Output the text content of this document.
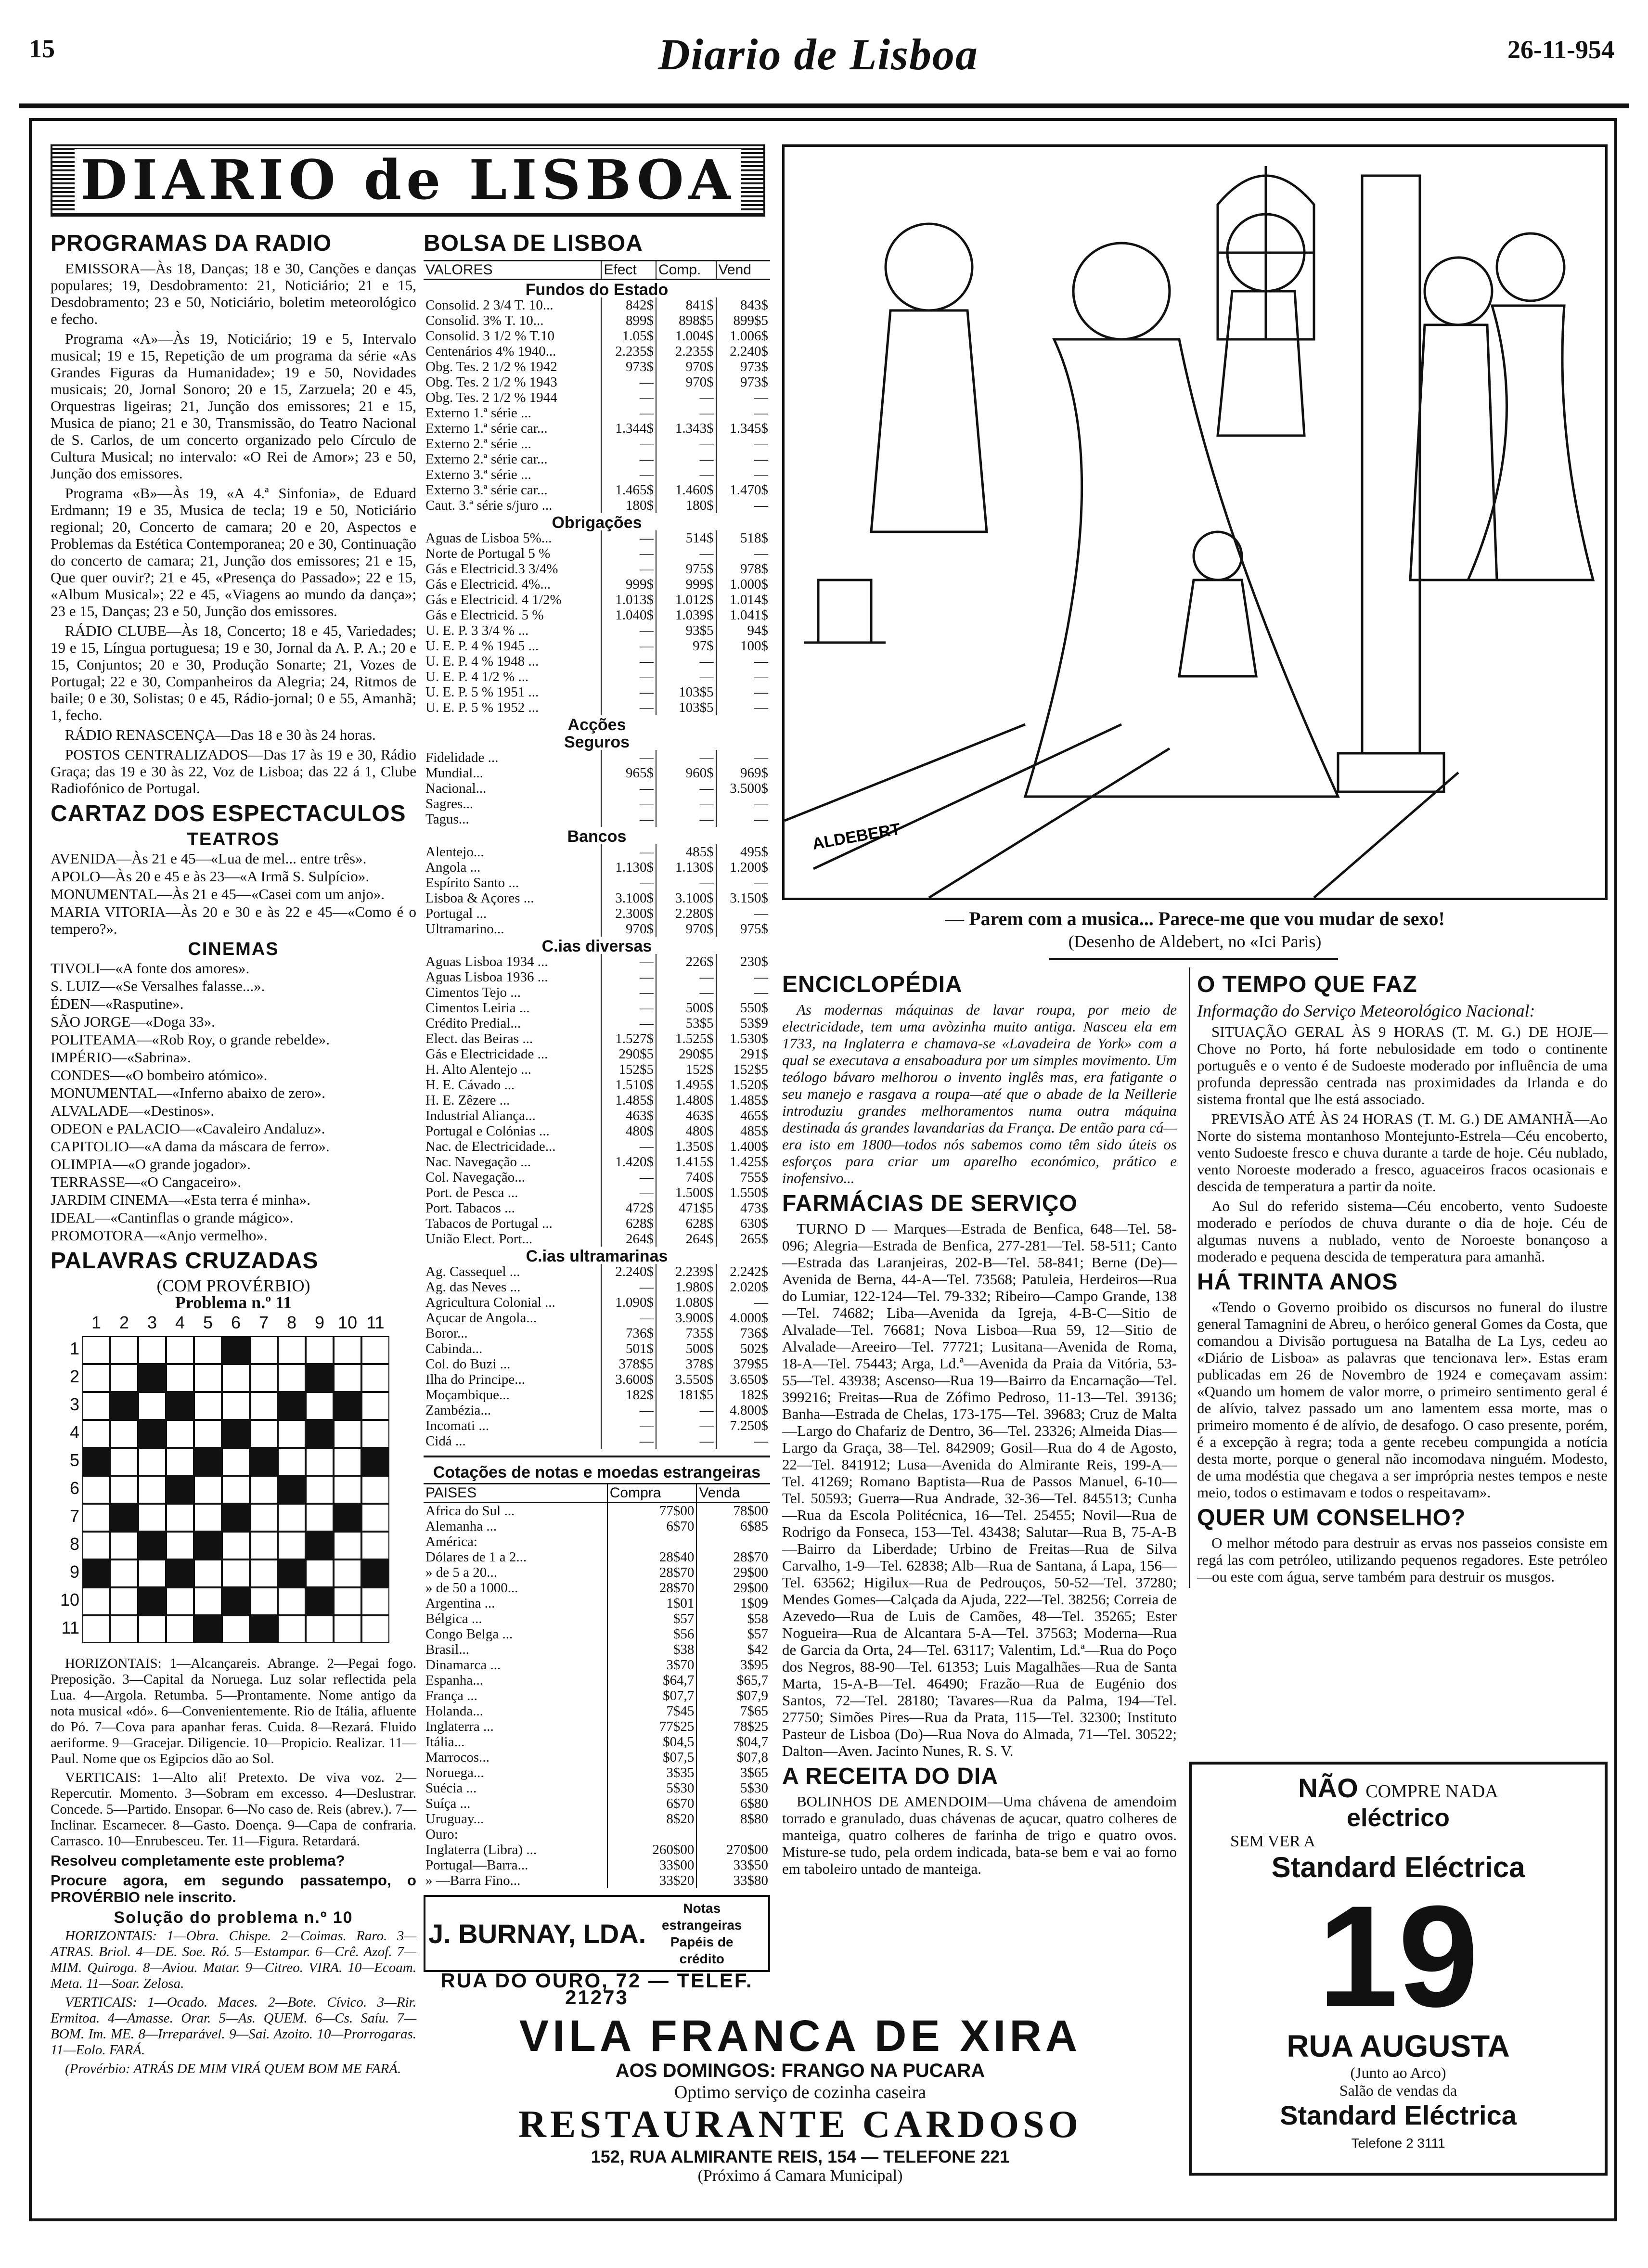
15	Diario de Lisboa	26-11-954
DIARIO de LISBOA
PROGRAMAS DA RADIO

EMISSORA—Às 18, Danças; 18 e 30, Canções e danças populares; 19, Desdobramento: 21, Noticiário; 21 e 15, Desdobramento; 23 e 50, Noticiário, boletim meteorológico e fecho.

Programa «A»—Às 19, Noticiário; 19 e 5, Intervalo musical; 19 e 15, Repetição de um programa da série «As Grandes Figuras da Humanidade»; 19 e 50, Novidades musicais; 20, Jornal Sonoro; 20 e 15, Zarzuela; 20 e 45, Orquestras ligeiras; 21, Junção dos emissores; 21 e 15, Musica de piano; 21 e 30, Transmissão, do Teatro Nacional de S. Carlos, de um concerto organizado pelo Círculo de Cultura Musical; no intervalo: «O Rei de Amor»; 23 e 50, Junção dos emissores.

Programa «B»—Às 19, «A 4.ª Sinfonia», de Eduard Erdmann; 19 e 35, Musica de tecla; 19 e 50, Noticiário regional; 20, Concerto de camara; 20 e 20, Aspectos e Problemas da Estética Contemporanea; 20 e 30, Continuação do concerto de camara; 21, Junção dos emissores; 21 e 15, Que quer ouvir?; 21 e 45, «Presença do Passado»; 22 e 15, «Album Musical»; 22 e 45, «Viagens ao mundo da dança»; 23 e 15, Danças; 23 e 50, Junção dos emissores.

RÁDIO CLUBE—Às 18, Concerto; 18 e 45, Variedades; 19 e 15, Língua portuguesa; 19 e 30, Jornal da A. P. A.; 20 e 15, Conjuntos; 20 e 30, Produção Sonarte; 21, Vozes de Portugal; 22 e 30, Companheiros da Alegria; 24, Ritmos de baile; 0 e 30, Solistas; 0 e 45, Rádio-jornal; 0 e 55, Amanhã; 1, fecho.

RÁDIO RENASCENÇA—Das 18 e 30 às 24 horas.

POSTOS CENTRALIZADOS—Das 17 às 19 e 30, Rádio Graça; das 19 e 30 às 22, Voz de Lisboa; das 22 á 1, Clube Radiofónico de Portugal.

CARTAZ DOS ESPECTACULOS
TEATROS
AVENIDA—Às 21 e 45—«Lua de mel... entre três».
APOLO—Às 20 e 45 e às 23—«A Irmã S. Sulpício».
MONUMENTAL—Às 21 e 45—«Casei com um anjo».
MARIA VITORIA—Às 20 e 30 e às 22 e 45—«Como é o tempero?».
CINEMAS
TIVOLI—«A fonte dos amores».
S. LUIZ—«Se Versalhes falasse...».
ÉDEN—«Rasputine».
SÃO JORGE—«Doga 33».
POLITEAMA—«Rob Roy, o grande rebelde».
IMPÉRIO—«Sabrina».
CONDES—«O bombeiro atómico».
MONUMENTAL—«Inferno abaixo de zero».
ALVALADE—«Destinos».
ODEON e PALACIO—«Cavaleiro Andaluz».
CAPITOLIO—«A dama da máscara de ferro».
OLIMPIA—«O grande jogador».
TERRASSE—«O Cangaceiro».
JARDIM CINEMA—«Esta terra é minha».
IDEAL—«Cantinflas o grande mágico».
PROMOTORA—«Anjo vermelho».
PALAVRAS CRUZADAS
(COM PROVÉRBIO)
Problema n.º 11
1	2	3	4	5	6	7	8	9 10 11
1
2
3
4
5
6
7
8
9
10
11

HORIZONTAIS: 1—Alcançareis. Abrange. 2—Pegai fogo. Preposição. 3—Capital da Noruega. Luz solar reflectida pela Lua. 4—Argola. Retumba. 5—Prontamente. Nome antigo da nota musical «dó». 6—Convenientemente. Rio de Itália, afluente do Pó. 7—Cova para apanhar feras. Cuida. 8—Rezará. Fluido aeriforme. 9—Gracejar. Diligencie. 10—Propicio. Realizar. 11—Paul. Nome que os Egipcios dão ao Sol.

VERTICAIS: 1—Alto ali! Pretexto. De viva voz. 2—Repercutir. Momento. 3—Sobram em excesso. 4—Deslustrar. Concede. 5—Partido. Ensopar. 6—No caso de. Reis (abrev.). 7—Inclinar. Escarnecer. 8—Gasto. Doença. 9—Capa de confraria. Carrasco. 10—Enrubesceu. Ter. 11—Figura. Retardará.

Resolveu completamente este problema?

Procure agora, em segundo passatempo, o PROVÉRBIO nele inscrito.

Solução do problema n.º 10

HORIZONTAIS: 1—Obra. Chispe. 2—Coimas. Raro. 3—ATRAS. Briol. 4—DE. Soe. Ró. 5—Estampar. 6—Crê. Azof. 7—MIM. Quiroga. 8—Aviou. Matar. 9—Citreo. VIRA. 10—Ecoam. Meta. 11—Soar. Zelosa.

VERTICAIS: 1—Ocado. Maces. 2—Bote. Cívico. 3—Rir. Ermitoa. 4—Amasse. Orar. 5—As. QUEM. 6—Cs. Saíu. 7—BOM. Im. ME. 8—Irreparável. 9—Sai. Azoito. 10—Prorrogaras. 11—Eolo. FARÁ.

(Provérbio: ATRÁS DE MIM VIRÁ QUEM BOM ME FARÁ.

BOLSA DE LISBOA
VALORES	Efect	Comp.	Vend
Fundos do Estado			
Consolid. 2 3/4 T. 10...	842$	841$	843$
Consolid. 3% T. 10...	899$	898$5	899$5
Consolid. 3 1/2 % T.10	1.05$	1.004$	1.006$
Centenários 4% 1940...	2.235$	2.235$	2.240$
Obg. Tes. 2 1/2 % 1942	973$	970$	973$
Obg. Tes. 2 1/2 % 1943	—	970$	973$
Obg. Tes. 2 1/2 % 1944	—	—	—
Externo 1.ª série ...	—	—	—
Externo 1.ª série car...	1.344$	1.343$	1.345$
Externo 2.ª série ...	—	—	—
Externo 2.ª série car...	—	—	—
Externo 3.ª série ...	—	—	—
Externo 3.ª série car...	1.465$	1.460$	1.470$
Caut. 3.ª série s/juro ...	180$	180$	—
Obrigações			
Aguas de Lisboa 5%...	—	514$	518$
Norte de Portugal 5 %	—	—	—
Gás e Electricid.3 3/4%	—	975$	978$
Gás e Electricid. 4%...	999$	999$	1.000$
Gás e Electricid. 4 1/2%	1.013$	1.012$	1.014$
Gás e Electricid. 5 %	1.040$	1.039$	1.041$
U. E. P. 3 3/4 % ...	—	93$5	94$
U. E. P. 4 % 1945 ...	—	97$	100$
U. E. P. 4 % 1948 ...	—	—	—
U. E. P. 4 1/2 % ...	—	—	—
U. E. P. 5 % 1951 ...	—	103$5	—
U. E. P. 5 % 1952 ...	—	103$5	—
Acções			
Seguros			
Fidelidade ...	—	—	—
Mundial...	965$	960$	969$
Nacional...	—	—	3.500$
Sagres...	—	—	—
Tagus...	—	—	—
Bancos			
Alentejo...	—	485$	495$
Angola ...	1.130$	1.130$	1.200$
Espírito Santo ...	—	—	—
Lisboa & Açores ...	3.100$	3.100$	3.150$
Portugal ...	2.300$	2.280$	—
Ultramarino...	970$	970$	975$
C.ias diversas			
Aguas Lisboa 1934 ...	—	226$	230$
Aguas Lisboa 1936 ...	—	—	—
Cimentos Tejo ...	—	—	—
Cimentos Leiria ...	—	500$	550$
Crédito Predial...	—	53$5	53$9
Elect. das Beiras ...	1.527$	1.525$	1.530$
Gás e Electricidade ...	290$5	290$5	291$
H. Alto Alentejo ...	152$5	152$	152$5
H. E. Cávado ...	1.510$	1.495$	1.520$
H. E. Zêzere ...	1.485$	1.480$	1.485$
Industrial Aliança...	463$	463$	465$
Portugal e Colónias ...	480$	480$	485$
Nac. de Electricidade...	—	1.350$	1.400$
Nac. Navegação ...	1.420$	1.415$	1.425$
Col. Navegação...	—	740$	755$
Port. de Pesca ...	—	1.500$	1.550$
Port. Tabacos ...	472$	471$5	473$
Tabacos de Portugal ...	628$	628$	630$
União Elect. Port...	264$	264$	265$
C.ias ultramarinas			
Ag. Cassequel ...	2.240$	2.239$	2.242$
Ag. das Neves ...	—	1.980$	2.020$
Agricultura Colonial ...	1.090$	1.080$	—
Açucar de Angola...	—	3.900$	4.000$
Boror...	736$	735$	736$
Cabinda...	501$	500$	502$
Col. do Buzi ...	378$5	378$	379$5
Ilha do Principe...	3.600$	3.550$	3.650$
Moçambique...	182$	181$5	182$
Zambézia...	—	—	4.800$
Incomati ...	—	—	7.250$
Cidá ...	—	—	—
Cotações de notas e moedas estrangeiras
PAISES	Compra	Venda
Africa do Sul ...	77$00	78$00
Alemanha ...	6$70	6$85
América:		
Dólares de 1 a 2...	28$40	28$70
» de 5 a 20...	28$70	29$00
» de 50 a 1000...	28$70	29$00
Argentina ...	1$01	1$09
Bélgica ...	$57	$58
Congo Belga ...	$56	$57
Brasil...	$38	$42
Dinamarca ...	3$70	3$95
Espanha...	$64,7	$65,7
França ...	$07,7	$07,9
Holanda...	7$45	7$65
Inglaterra ...	77$25	78$25
Itália...	$04,5	$04,7
Marrocos...	$07,5	$07,8
Noruega...	3$35	3$65
Suécia ...	5$30	5$30
Suíça ...	6$70	6$80
Uruguay...	8$20	8$80
Ouro:		
Inglaterra (Libra) ...	260$00	270$00
Portugal—Barra...	33$00	33$50
» —Barra Fino...	33$20	33$80
J. BURNAY, LDA.
Notas estrangeiras Papéis de crédito
RUA DO OURO, 72 — TELEF. 21273
ALDEBERT
— Parem com a musica... Parece-me que vou mudar de sexo!
(Desenho de Aldebert, no «Ici Paris)
ENCICLOPÉDIA

As modernas máquinas de lavar roupa, por meio de electricidade, tem uma avòzinha muito antiga. Nasceu ela em 1733, na Inglaterra e chamava-se «Lavadeira de York» com a qual se executava a ensaboadura por um simples movimento. Um teólogo bávaro melhorou o invento inglês mas, era fatigante o seu manejo e rasgava a roupa—até que o abade de la Neillerie introduziu grandes melhoramentos numa outra máquina destinada ás grandes lavandarias da França. De então para cá—era isto em 1800—todos nós sabemos como têm sido úteis os esforços para criar um aparelho económico, prático e inofensivo...

FARMÁCIAS DE SERVIÇO

TURNO D — Marques—Estrada de Benfica, 648—Tel. 58-096; Alegria—Estrada de Benfica, 277-281—Tel. 58-511; Canto—Estrada das Laranjeiras, 202-B—Tel. 58-841; Berne (De)—Avenida de Berna, 44-A—Tel. 73568; Patuleia, Herdeiros—Rua do Lumiar, 122-124—Tel. 79-332; Ribeiro—Campo Grande, 138—Tel. 74682; Liba—Avenida da Igreja, 4-B-C—Sitio de Alvalade—Tel. 76681; Nova Lisboa—Rua 59, 12—Sitio de Alvalade—Areeiro—Tel. 77721; Lusitana—Avenida de Roma, 18-A—Tel. 75443; Arga, Ld.ª—Avenida da Praia da Vitória, 53-55—Tel. 43938; Ascenso—Rua 19—Bairro da Encarnação—Tel. 399216; Freitas—Rua de Zófimo Pedroso, 11-13—Tel. 39136; Banha—Estrada de Chelas, 173-175—Tel. 39683; Cruz de Malta—Largo do Chafariz de Dentro, 36—Tel. 23326; Almeida Dias—Largo da Graça, 38—Tel. 842909; Gosil—Rua do 4 de Agosto, 22—Tel. 841912; Lusa—Avenida do Almirante Reis, 199-A—Tel. 41269; Romano Baptista—Rua de Passos Manuel, 6-10—Tel. 50593; Guerra—Rua Andrade, 32-36—Tel. 845513; Cunha—Rua da Escola Politécnica, 16—Tel. 25455; Novil—Rua de Rodrigo da Fonseca, 153—Tel. 43438; Salutar—Rua B, 75-A-B—Bairro da Liberdade; Urbino de Freitas—Rua de Silva Carvalho, 1-9—Tel. 62838; Alb—Rua de Santana, á Lapa, 156—Tel. 63562; Higilux—Rua de Pedrouços, 50-52—Tel. 37280; Mendes Gomes—Calçada da Ajuda, 222—Tel. 38256; Correia de Azevedo—Rua de Luis de Camões, 48—Tel. 35265; Ester Nogueira—Rua de Alcantara 5-A—Tel. 37563; Moderna—Rua de Garcia da Orta, 24—Tel. 63117; Valentim, Ld.ª—Rua do Poço dos Negros, 88-90—Tel. 61353; Luis Magalhães—Rua de Santa Marta, 15-A-B—Tel. 46490; Frazão—Rua de Eugénio dos Santos, 72—Tel. 28180; Tavares—Rua da Palma, 194—Tel. 27750; Simões Pires—Rua da Prata, 115—Tel. 32300; Instituto Pasteur de Lisboa (Do)—Rua Nova do Almada, 71—Tel. 30522; Dalton—Aven. Jacinto Nunes, R. S. V.

A RECEITA DO DIA

BOLINHOS DE AMENDOIM—Uma chávena de amendoim torrado e granulado, duas chávenas de açucar, quatro colheres de manteiga, quatro colheres de farinha de trigo e quatro ovos. Misture-se tudo, pela ordem indicada, bata-se bem e vai ao forno em taboleiro untado de manteiga.

O TEMPO QUE FAZ
Informação do Serviço Meteorológico Nacional:

SITUAÇÃO GERAL ÀS 9 HORAS (T. M. G.) DE HOJE—Chove no Porto, há forte nebulosidade em todo o continente português e o vento é de Sudoeste moderado por influência de uma profunda depressão centrada nas proximidades da Irlanda e do sistema frontal que lhe está associado.

PREVISÃO ATÉ ÀS 24 HORAS (T. M. G.) DE AMANHÃ—Ao Norte do sistema montanhoso Montejunto-Estrela—Céu encoberto, vento Sudoeste fresco e chuva durante a tarde de hoje. Céu nublado, vento Noroeste moderado a fresco, aguaceiros fracos ocasionais e descida de temperatura a partir da noite.

Ao Sul do referido sistema—Céu encoberto, vento Sudoeste moderado e períodos de chuva durante o dia de hoje. Céu de algumas nuvens a nublado, vento de Noroeste bonançoso a moderado e pequena descida de temperatura para amanhã.

HÁ TRINTA ANOS

«Tendo o Governo proibido os discursos no funeral do ilustre general Tamagnini de Abreu, o heróico general Gomes da Costa, que comandou a Divisão portuguesa na Batalha de La Lys, cedeu ao «Diário de Lisboa» as palavras que tencionava ler». Estas eram publicadas em 26 de Novembro de 1924 e começavam assim: «Quando um homem de valor morre, o primeiro sentimento geral é de alívio, talvez passado um ano lamentem essa morte, mas o primeiro momento é de alívio, de desafogo. O caso presente, porém, é a excepção à regra; toda a gente recebeu compungida a notícia desta morte, porque o general não incomodava ninguém. Modesto, de uma modéstia que chegava a ser imprópria nestes tempos e neste meio, todos o estimavam e todos o respeitavam».

QUER UM CONSELHO?

O melhor método para destruir as ervas nos passeios consiste em regá las com petróleo, utilizando pequenos regadores. Este petróleo—ou este com água, serve também para destruir os musgos.

NÃO COMPRE NADA
eléctrico
SEM VER A
Standard Eléctrica
19
RUA AUGUSTA
(Junto ao Arco)
Salão de vendas da
Standard Eléctrica
Telefone 2 3111
VILA FRANCA DE XIRA
AOS DOMINGOS: FRANGO NA PUCARA
Optimo serviço de cozinha caseira
RESTAURANTE CARDOSO
152, RUA ALMIRANTE REIS, 154 — TELEFONE 221
(Próximo á Camara Municipal)
